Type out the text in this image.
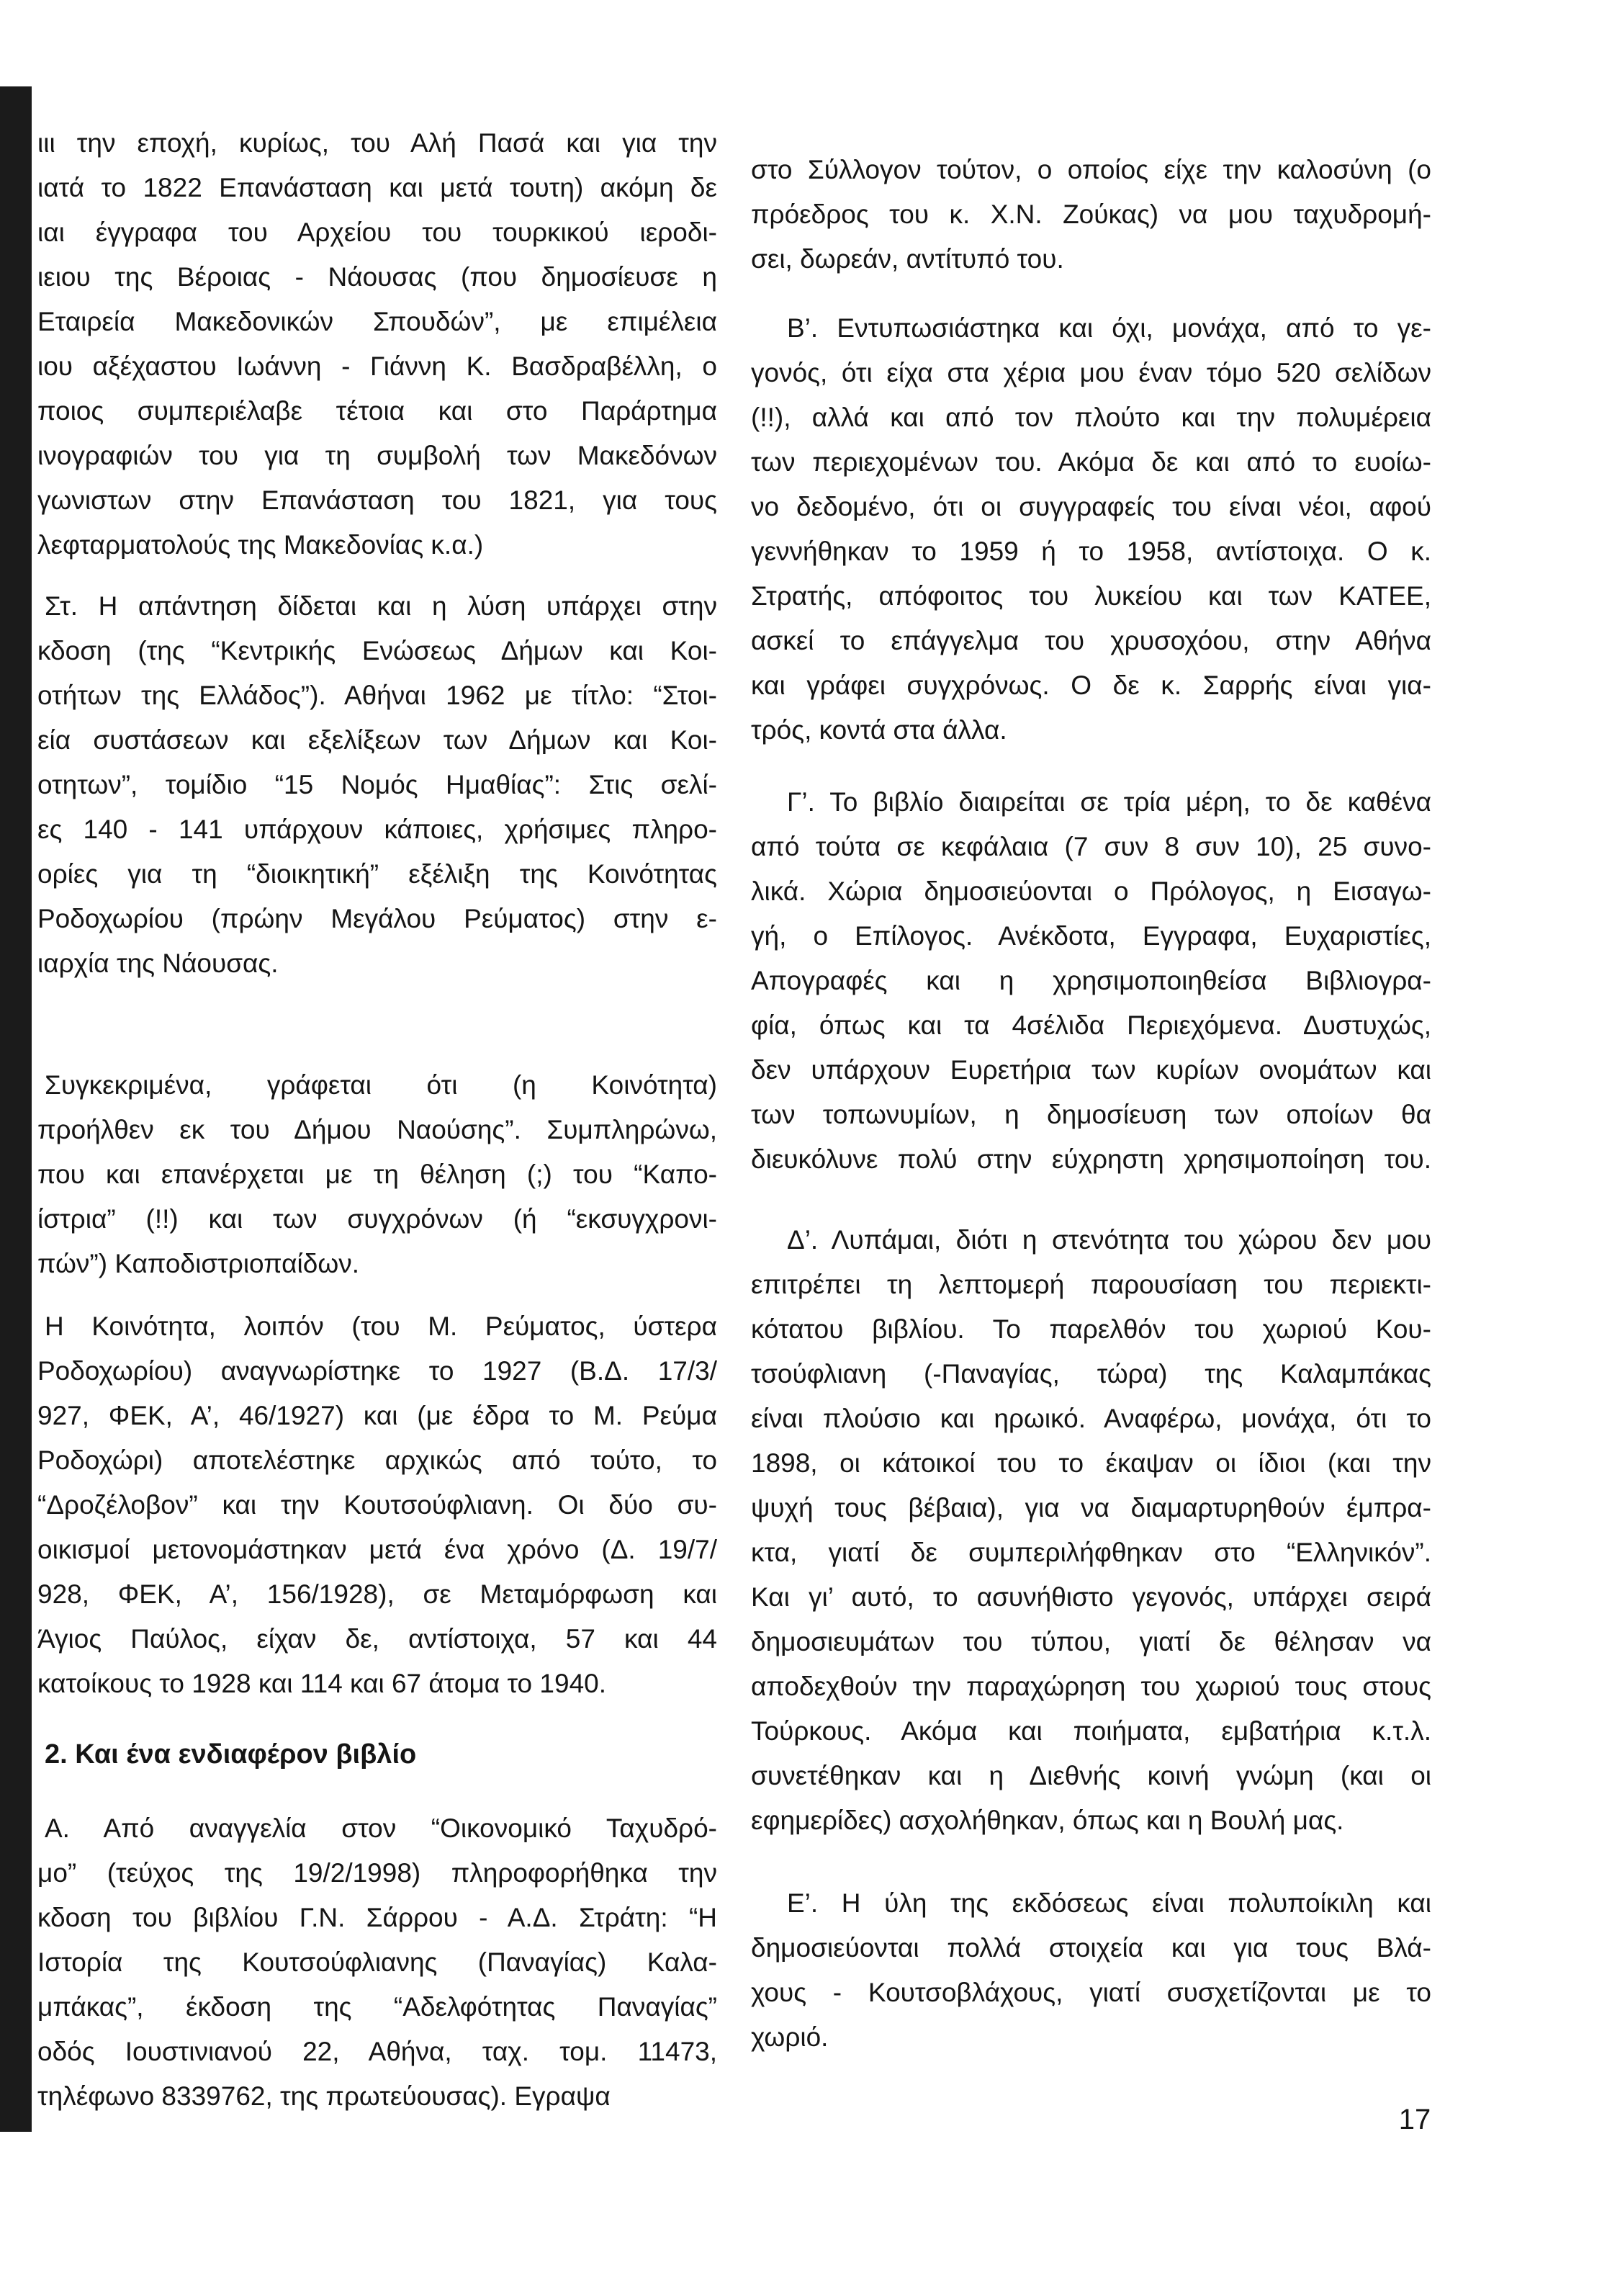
ιιι την εποχή, κυρίως, του Αλή Πασά και για την
ιατά το 1822 Επανάσταση και μετά τουτη) ακόμη δε
ιαι έγγραφα του Αρχείου του τουρκικού ιεροδι-
ιειου της Βέροιας - Νάουσας (που δημοσίευσε η
Εταιρεία Μακεδονικών Σπουδών”, με επιμέλεια
ιου αξέχαστου Ιωάννη - Γιάννη Κ. Βασδραβέλλη, ο
ποιος συμπεριέλαβε τέτοια και στο Παράρτημα
ινογραφιών του για τη συμβολή των Μακεδόνων
γωνιστων στην Επανάσταση του 1821, για τους
λεφταρματολούς της Μακεδονίας κ.α.)
Στ. Η απάντηση δίδεται και η λύση υπάρχει στην
κδοση (της “Κεντρικής Ενώσεως Δήμων και Κοι-
οτήτων της Ελλάδος”). Αθήναι 1962 με τίτλο: “Στοι-
εία συστάσεων και εξελίξεων των Δήμων και Κοι-
οτητων”, τομίδιο “15 Νομός Ημαθίας”: Στις σελί-
ες 140 - 141 υπάρχουν κάποιες, χρήσιμες πληρο-
ορίες για τη “διοικητική” εξέλιξη της Κοινότητας
Ροδοχωρίου (πρώην Μεγάλου Ρεύματος) στην ε-
ιαρχία της Νάουσας.
Συγκεκριμένα, γράφεται ότι (η Κοινότητα)
προήλθεν εκ του Δήμου Ναούσης”. Συμπληρώνω,
που και επανέρχεται με τη θέληση (;) του “Καπο-
ίστρια” (!!) και των συγχρόνων (ή “εκσυγχρονι-
πών”) Καποδιστριοπαίδων.
Η Κοινότητα, λοιπόν (του Μ. Ρεύματος, ύστερα
Ροδοχωρίου) αναγνωρίστηκε το 1927 (Β.Δ. 17/3/
927, ΦΕΚ, Α’, 46/1927) και (με έδρα το Μ. Ρεύμα
Ροδοχώρι) αποτελέστηκε αρχικώς από τούτο, το
“Δροζέλοβον” και την Κουτσούφλιανη. Οι δύο συ-
οικισμοί μετονομάστηκαν μετά ένα χρόνο (Δ. 19/7/
928, ΦΕΚ, Α’, 156/1928), σε Μεταμόρφωση και
Άγιος Παύλος, είχαν δε, αντίστοιχα, 57 και 44
κατοίκους το 1928 και 114 και 67 άτομα το 1940.
2. Και ένα ενδιαφέρον βιβλίο
Α. Από αναγγελία στον “Οικονομικό Ταχυδρό-
μο” (τεύχος της 19/2/1998) πληροφορήθηκα την
κδοση του βιβλίου Γ.Ν. Σάρρου - Α.Δ. Στράτη: “Η
Ιστορία της Κουτσούφλιανης (Παναγίας) Καλα-
μπάκας”, έκδοση της “Αδελφότητας Παναγίας”
οδός Ιουστινιανού 22, Αθήνα, ταχ. τομ. 11473,
τηλέφωνο 8339762, της πρωτεύουσας). Εγραψα
στο Σύλλογον τούτον, ο οποίος είχε την καλοσύνη (ο
πρόεδρος του κ. Χ.Ν. Ζούκας) να μου ταχυδρομή-
σει, δωρεάν, αντίτυπό του.
Β’. Εντυπωσιάστηκα και όχι, μονάχα, από το γε-
γονός, ότι είχα στα χέρια μου έναν τόμο 520 σελίδων
(!!), αλλά και από τον πλούτο και την πολυμέρεια
των περιεχομένων του. Ακόμα δε και από το ευοίω-
νο δεδομένο, ότι οι συγγραφείς του είναι νέοι, αφού
γεννήθηκαν το 1959 ή το 1958, αντίστοιχα. Ο κ.
Στρατής, απόφοιτος του λυκείου και των ΚΑΤΕΕ,
ασκεί το επάγγελμα του χρυσοχόου, στην Αθήνα
και γράφει συγχρόνως. Ο δε κ. Σαρρής είναι για-
τρός, κοντά στα άλλα.
Γ’. Το βιβλίο διαιρείται σε τρία μέρη, το δε καθένα
από τούτα σε κεφάλαια (7 συν 8 συν 10), 25 συνο-
λικά. Χώρια δημοσιεύονται ο Πρόλογος, η Εισαγω-
γή, ο Επίλογος. Ανέκδοτα, Εγγραφα, Ευχαριστίες,
Απογραφές και η χρησιμοποιηθείσα Βιβλιογρα-
φία, όπως και τα 4σέλιδα Περιεχόμενα. Δυστυχώς,
δεν υπάρχουν Ευρετήρια των κυρίων ονομάτων και
των τοπωνυμίων, η δημοσίευση των οποίων θα
διευκόλυνε πολύ στην εύχρηστη χρησιμοποίηση του.
Δ’. Λυπάμαι, διότι η στενότητα του χώρου δεν μου
επιτρέπει τη λεπτομερή παρουσίαση του περιεκτι-
κότατου βιβλίου. Το παρελθόν του χωριού Κου-
τσούφλιανη (-Παναγίας, τώρα) της Καλαμπάκας
είναι πλούσιο και ηρωικό. Αναφέρω, μονάχα, ότι το
1898, οι κάτοικοί του το έκαψαν οι ίδιοι (και την
ψυχή τους βέβαια), για να διαμαρτυρηθούν έμπρα-
κτα, γιατί δε συμπεριλήφθηκαν στο “Ελληνικόν”.
Και γι’ αυτό, το ασυνήθιστο γεγονός, υπάρχει σειρά
δημοσιευμάτων του τύπου, γιατί δε θέλησαν να
αποδεχθούν την παραχώρηση του χωριού τους στους
Τούρκους. Ακόμα και ποιήματα, εμβατήρια κ.τ.λ.
συνετέθηκαν και η Διεθνής κοινή γνώμη (και οι
εφημερίδες) ασχολήθηκαν, όπως και η Βουλή μας.
Ε’. Η ύλη της εκδόσεως είναι πολυποίκιλη και
δημοσιεύονται πολλά στοιχεία και για τους Βλά-
χους - Κουτσοβλάχους, γιατί συσχετίζονται με το
χωριό.
17
